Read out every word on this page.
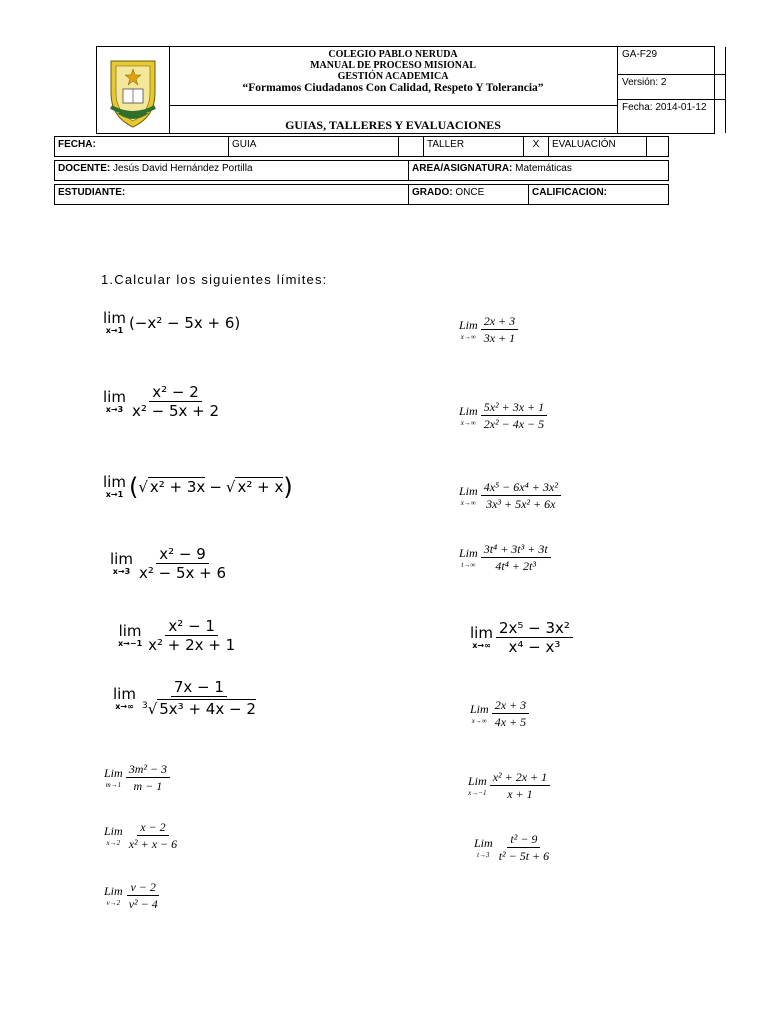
COLEGIO PABLO NERUDA
MANUAL DE PROCESO MISIONAL
GESTIÓN ACADEMICA
“Formamos Ciudadanos Con Calidad, Respeto Y Tolerancia”
GUIAS, TALLERES Y EVALUACIONES
GA-F29
Versión: 2
Fecha: 2014-01-12
FECHA:	GUIA	TALLER	X	EVALUACIÓN
DOCENTE: Jesús David Hernández Portilla	AREA/ASIGNATURA: Matemáticas
ESTUDIANTE:	GRADO: ONCE	CALIFICACION:
1.Calcular los siguientes límites:
lim
x→1 (−x² − 5x + 6)
lim
$x\to 3 \frac{\text{x² − 2}}{\text{x² − 5x + 2}}$
lim
x→1 ( √ x² + 3x − √ x² + x )
lim
$x\to 3 \frac{\text{x² − 9}}{\text{x² − 5x + 6}}$
lim
$x\to-1 \frac{\text{x² − 1}}{\text{x² + 2x + 1}}$
lim
$x\to\infty \frac{7x - 1}{^3√ 5x^3 + 4x - 2}$
Lim
$m\to 1 \frac{\text{3m² − 3}}{m - 1}$
Lim
$x\to 2 \frac{x - 2}{\text{x² + x − 6}}$
Lim
$v\to 2 \frac{v - 2}{\text{v² − 4}}$
Lim
$x\to\infty \frac{2x + 3}{3x + 1}$
Lim
$x\to\infty \frac{\text{5x² + 3x + 1}}{\text{2x² − 4x − 5}}$
Lim
$x\to\infty \frac{\text{4x⁵ − 6x⁴ + 3x²}}{\text{3x³ + 5x² + 6x}}$
Lim
$t\to\infty \frac{\text{3t⁴ + 3t³ + 3t}}{\text{4t⁴ + 2t³}}$
lim
$x\to\infty \frac{\text{2x⁵ − 3x²}}{\text{x⁴ − x³}}$
Lim
$x\to\infty \frac{2x + 3}{4x + 5}$
Lim
$x\to-1 \frac{\text{x² + 2x + 1}}{x + 1}$
Lim
$t\to 3 \frac{\text{t² − 9}}{\text{t² − 5t + 6}}$
